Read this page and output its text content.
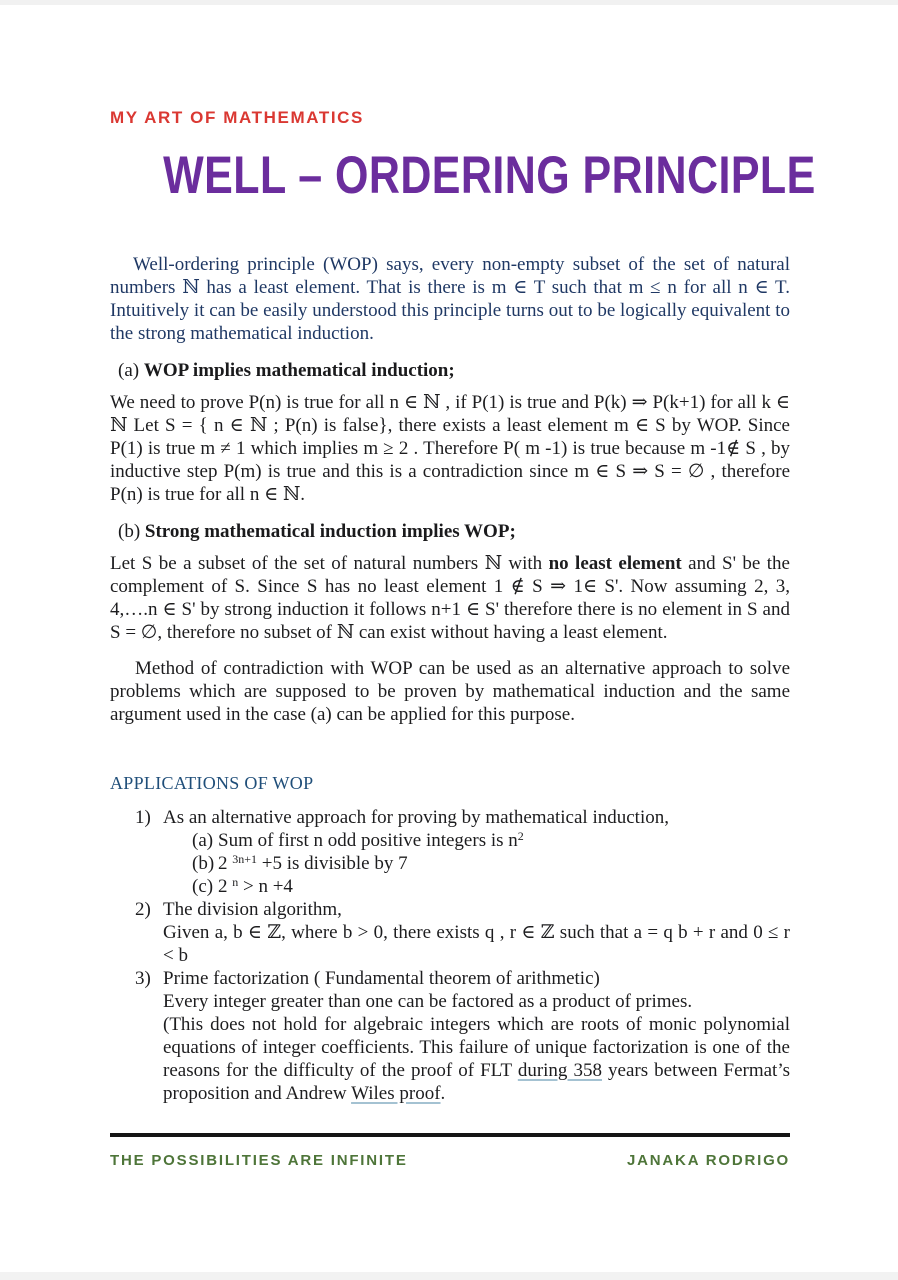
MY ART OF MATHEMATICS
WELL – ORDERING PRINCIPLE

Well-ordering principle (WOP) says, every non-empty subset of the set of natural numbers ℕ has a least element. That is there is m ∈ T such that m ≤ n for all n ∈ T. Intuitively it can be easily understood this principle turns out to be logically equivalent to the strong mathematical induction.

(a) WOP implies mathematical induction;

We need to prove P(n) is true for all n ∈ ℕ , if P(1) is true and P(k) ⇒ P(k+1) for all k ∈ ℕ Let S = { n ∈ ℕ ; P(n) is false}, there exists a least element m ∈ S by WOP. Since P(1) is true m ≠ 1 which implies m ≥ 2 . Therefore P( m -1) is true because m -1∉ S , by inductive step P(m) is true and this is a contradiction since m ∈ S ⇒ S = ∅ , therefore P(n) is true for all n ∈ ℕ.

(b) Strong mathematical induction implies WOP;

Let S be a subset of the set of natural numbers ℕ with no least element and S' be the complement of S. Since S has no least element 1 ∉ S ⇒ 1∈ S'. Now assuming 2, 3, 4,….n ∈ S' by strong induction it follows n+1 ∈ S' therefore there is no element in S and S = ∅, therefore no subset of ℕ can exist without having a least element.

Method of contradiction with WOP can be used as an alternative approach to solve problems which are supposed to be proven by mathematical induction and the same argument used in the case (a) can be applied for this purpose.

APPLICATIONS OF WOP

1) As an alternative approach for proving by mathematical induction,
(a) Sum of first n odd positive integers is $n^2$
(b) 2 $^{3n+1}$ +5 is divisible by 7
(c) 2 $^n$ > n +4
2) The division algorithm,
Given a, b ∈ ℤ, where b > 0, there exists q , r ∈ ℤ such that a = q b + r and 0 ≤ r < b
3) Prime factorization ( Fundamental theorem of arithmetic)
Every integer greater than one can be factored as a product of primes.
(This does not hold for algebraic integers which are roots of monic polynomial equations of integer coefficients. This failure of unique factorization is one of the reasons for the difficulty of the proof of FLT during 358 years between Fermat’s proposition and Andrew Wiles proof.
THE POSSIBILITIES ARE INFINITE	JANAKA RODRIGO
